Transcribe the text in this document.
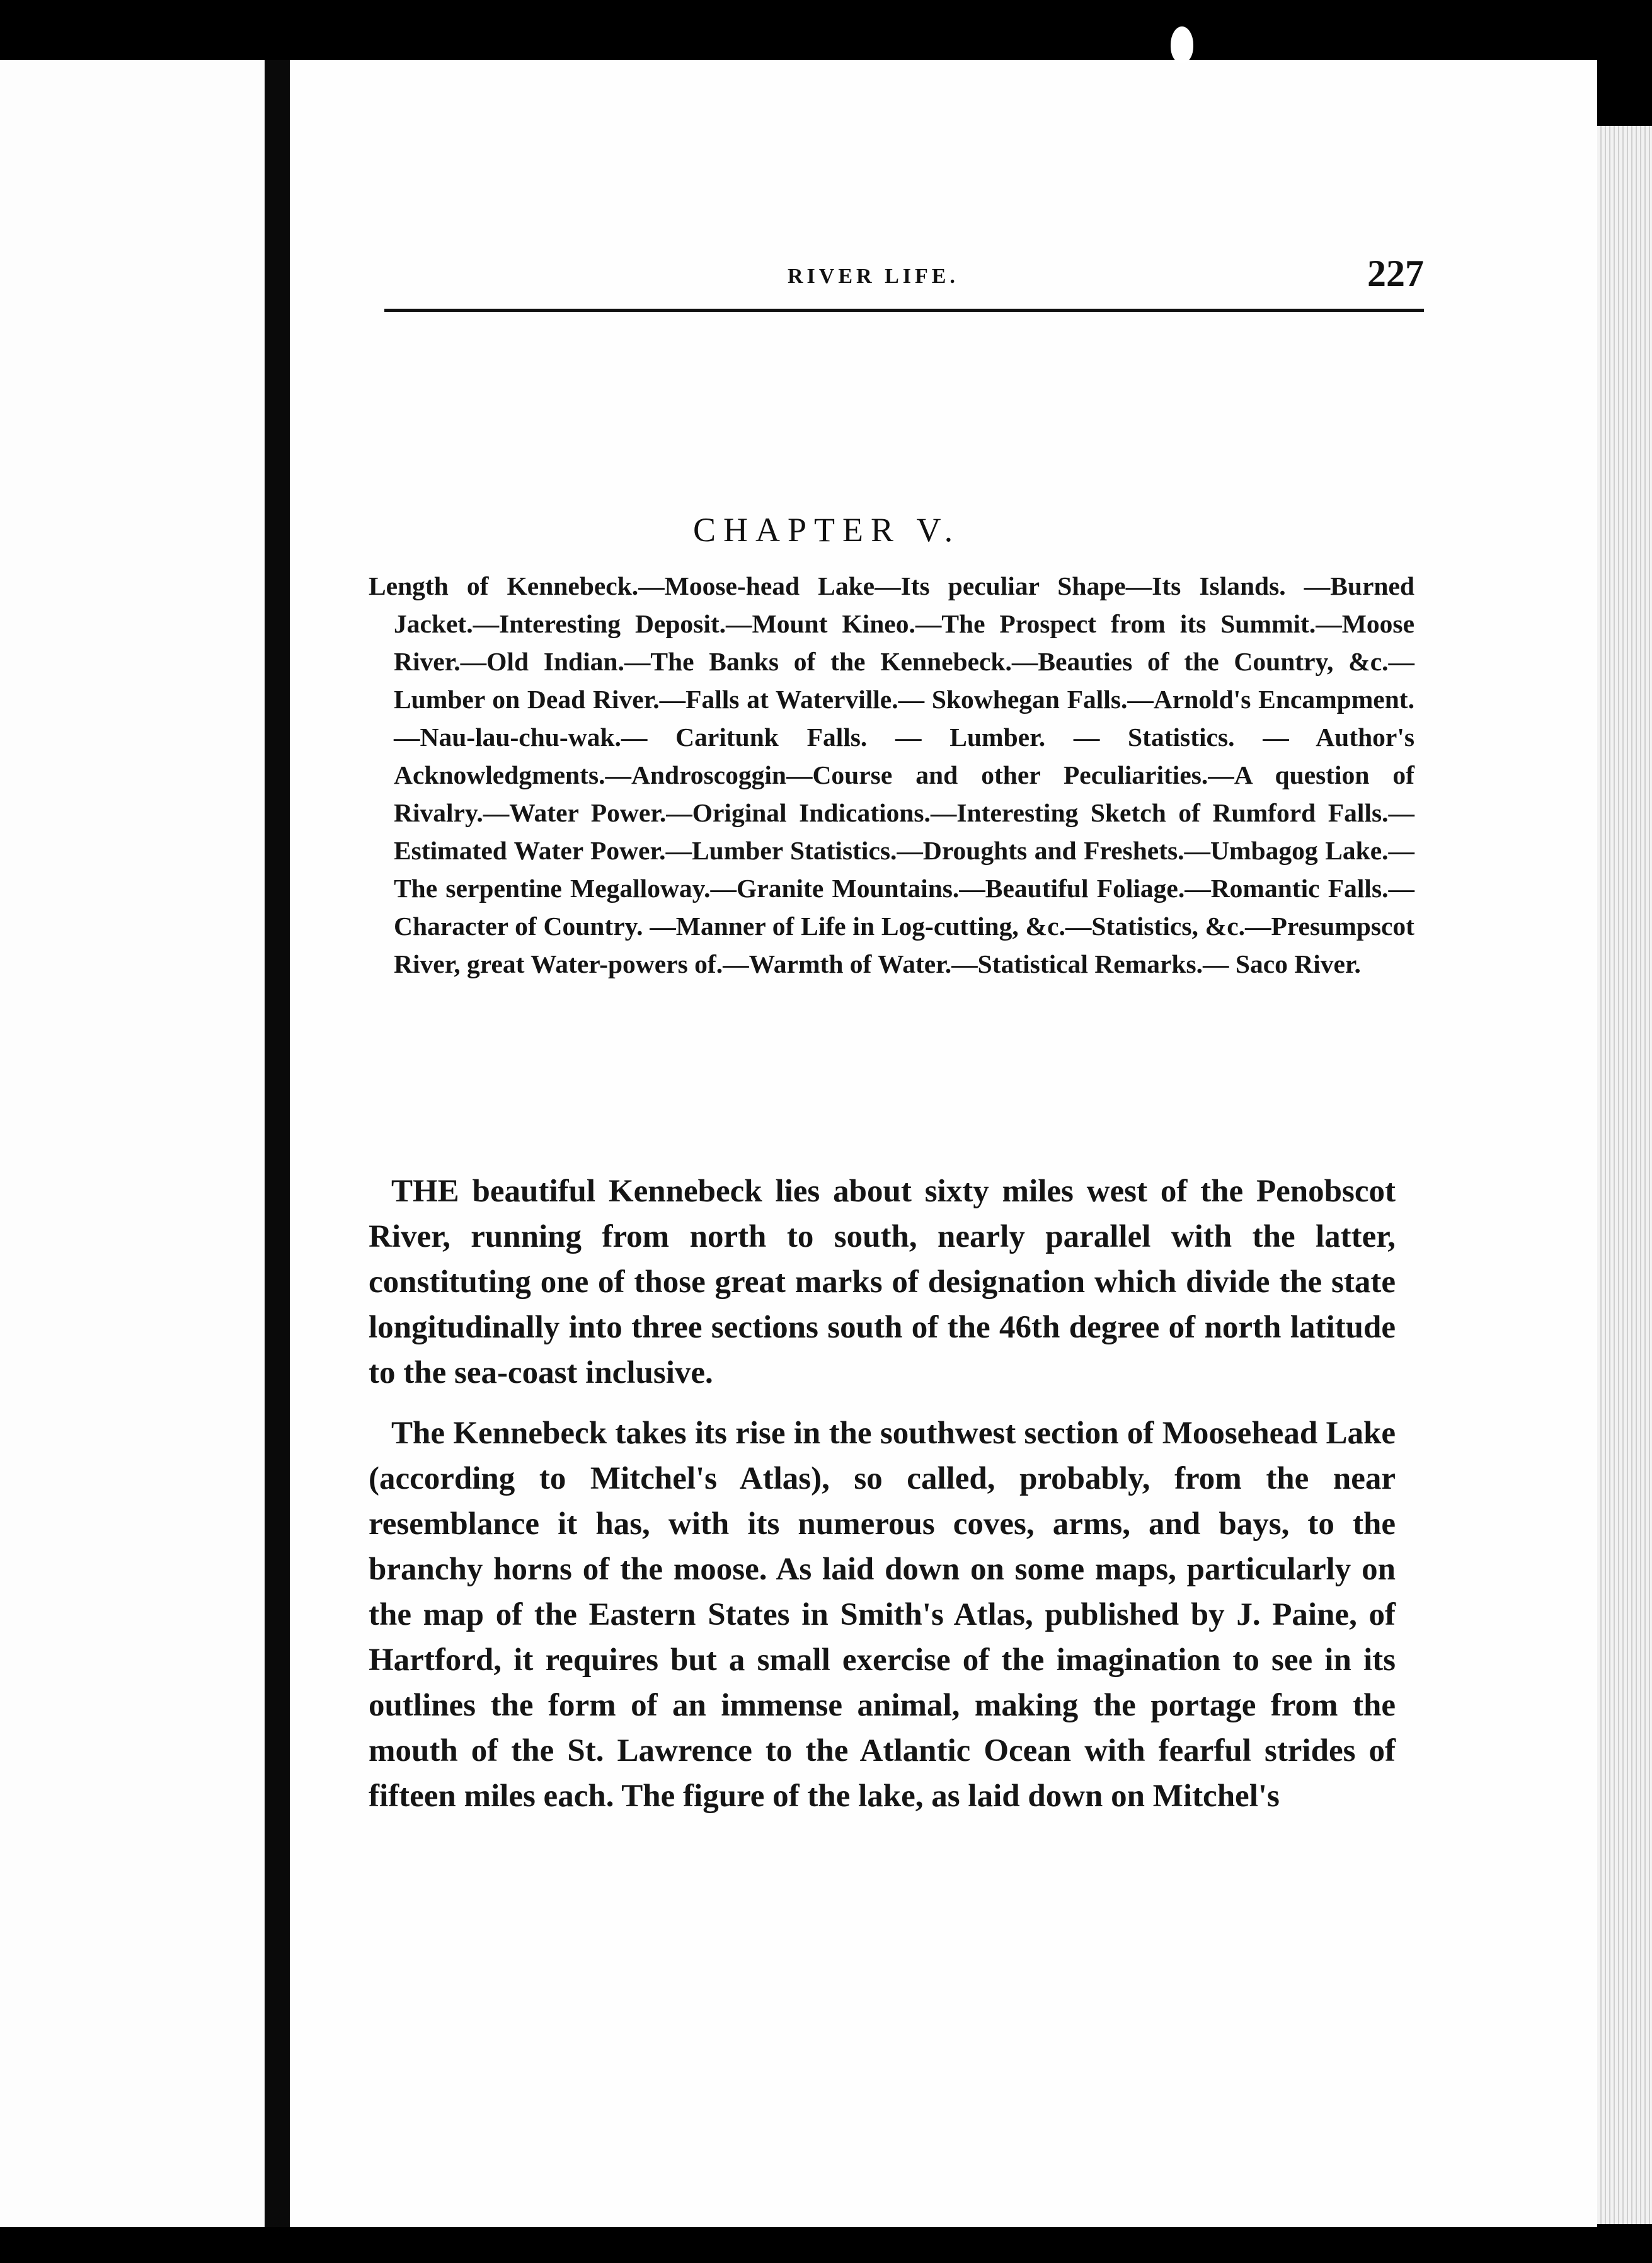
RIVER LIFE.	227
CHAPTER V.

Length of Kennebeck.—Moose-head Lake—Its peculiar Shape—Its Islands. —Burned Jacket.—Interesting Deposit.—Mount Kineo.—The Prospect from its Summit.—Moose River.—Old Indian.—The Banks of the Kennebeck.—Beauties of the Country, &c.—Lumber on Dead River.—Falls at Waterville.— Skowhegan Falls.—Arnold's Encampment.—Nau-lau-chu-wak.— Caritunk Falls. — Lumber. — Statistics. — Author's Acknowledgments.—Androscoggin—Course and other Peculiarities.—A question of Rivalry.—Water Power.—Original Indications.—Interesting Sketch of Rumford Falls.—Estimated Water Power.—Lumber Statistics.—Droughts and Freshets.—Umbagog Lake.—The serpentine Megalloway.—Granite Mountains.—Beautiful Foliage.—Romantic Falls.—Character of Country. —Manner of Life in Log-cutting, &c.—Statistics, &c.—Presumpscot River, great Water-powers of.—Warmth of Water.—Statistical Remarks.— Saco River.

THE beautiful Kennebeck lies about sixty miles west of the Penobscot River, running from north to south, nearly parallel with the latter, constituting one of those great marks of designation which divide the state longitudinally into three sections south of the 46th degree of north latitude to the sea-coast inclusive.

The Kennebeck takes its rise in the southwest section of Moosehead Lake (according to Mitchel's Atlas), so called, probably, from the near resemblance it has, with its numerous coves, arms, and bays, to the branchy horns of the moose. As laid down on some maps, particularly on the map of the Eastern States in Smith's Atlas, published by J. Paine, of Hartford, it requires but a small exercise of the imagination to see in its outlines the form of an immense animal, making the portage from the mouth of the St. Lawrence to the Atlantic Ocean with fearful strides of fifteen miles each. The figure of the lake, as laid down on Mitchel's
